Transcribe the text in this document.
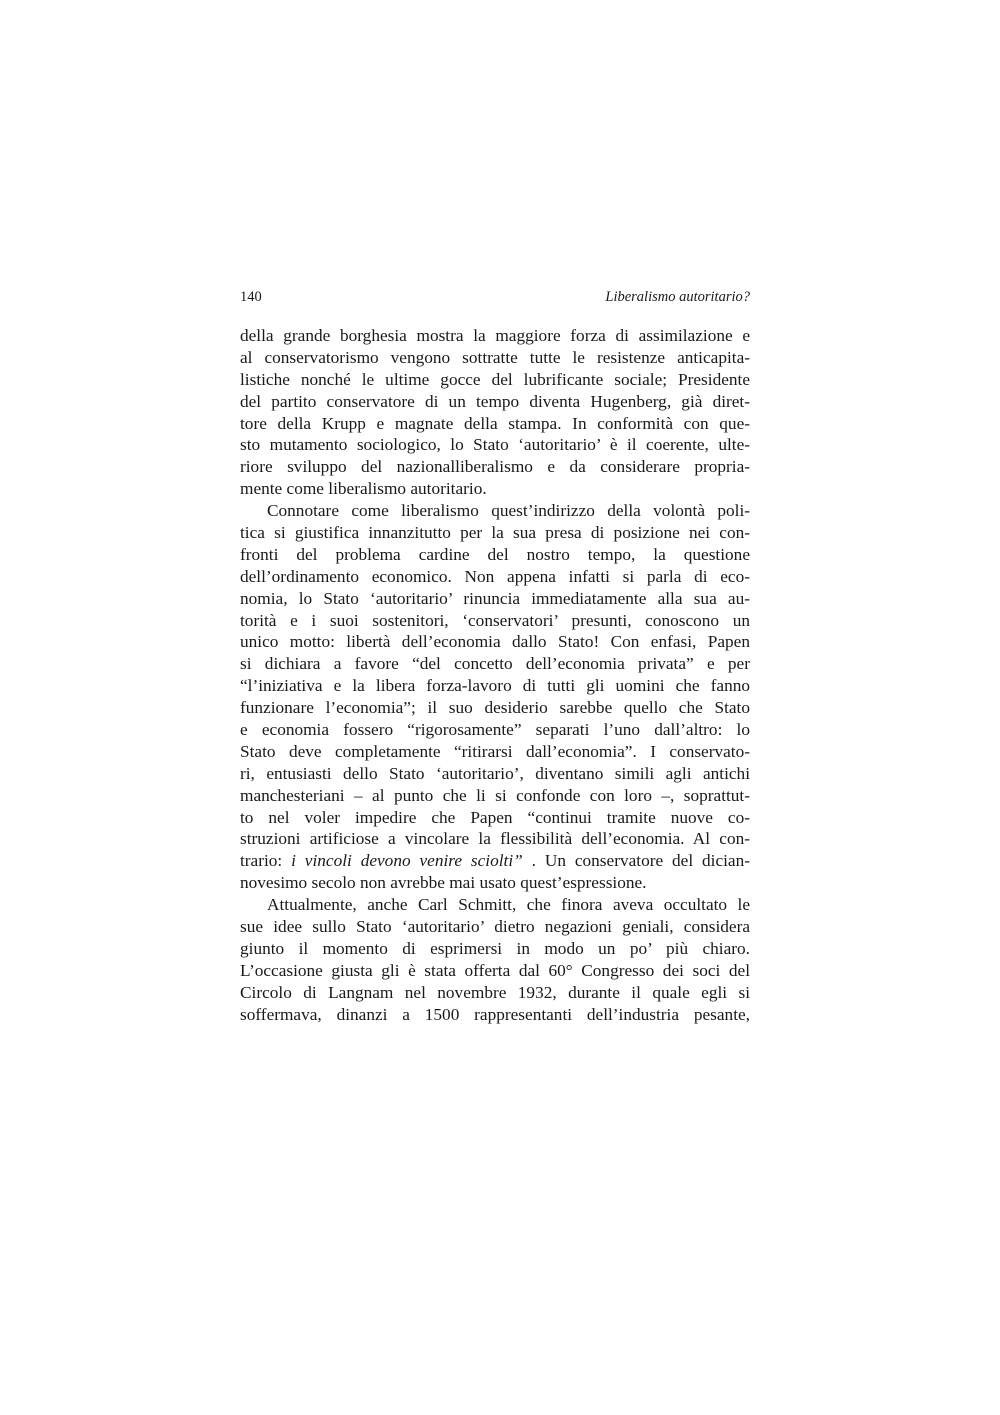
140	Liberalismo autoritario?
della grande borghesia mostra la maggiore forza di assimilazione e
al conservatorismo vengono sottratte tutte le resistenze anticapita-
listiche nonché le ultime gocce del lubrificante sociale; Presidente
del partito conservatore di un tempo diventa Hugenberg, già diret-
tore della Krupp e magnate della stampa. In conformità con que-
sto mutamento sociologico, lo Stato ‘autoritario’ è il coerente, ulte-
riore sviluppo del nazionalliberalismo e da considerare propria-
mente come liberalismo autoritario.
Connotare come liberalismo quest’indirizzo della volontà poli-
tica si giustifica innanzitutto per la sua presa di posizione nei con-
fronti del problema cardine del nostro tempo, la questione
dell’ordinamento economico. Non appena infatti si parla di eco-
nomia, lo Stato ‘autoritario’ rinuncia immediatamente alla sua au-
torità e i suoi sostenitori, ‘conservatori’ presunti, conoscono un
unico motto: libertà dell’economia dallo Stato! Con enfasi, Papen
si dichiara a favore “del concetto dell’economia privata” e per
“l’iniziativa e la libera forza-lavoro di tutti gli uomini che fanno
funzionare l’economia”; il suo desiderio sarebbe quello che Stato
e economia fossero “rigorosamente” separati l’uno dall’altro: lo
Stato deve completamente “ritirarsi dall’economia”. I conservato-
ri, entusiasti dello Stato ‘autoritario’, diventano simili agli antichi
manchesteriani – al punto che li si confonde con loro –, soprattut-
to nel voler impedire che Papen “continui tramite nuove co-
struzioni artificiose a vincolare la flessibilità dell’economia. Al con-
trario: i vincoli devono venire sciolti” . Un conservatore del dician-
novesimo secolo non avrebbe mai usato quest’espressione.
Attualmente, anche Carl Schmitt, che finora aveva occultato le
sue idee sullo Stato ‘autoritario’ dietro negazioni geniali, considera
giunto il momento di esprimersi in modo un po’ più chiaro.
L’occasione giusta gli è stata offerta dal 60° Congresso dei soci del
Circolo di Langnam nel novembre 1932, durante il quale egli si
soffermava, dinanzi a 1500 rappresentanti dell’industria pesante,
